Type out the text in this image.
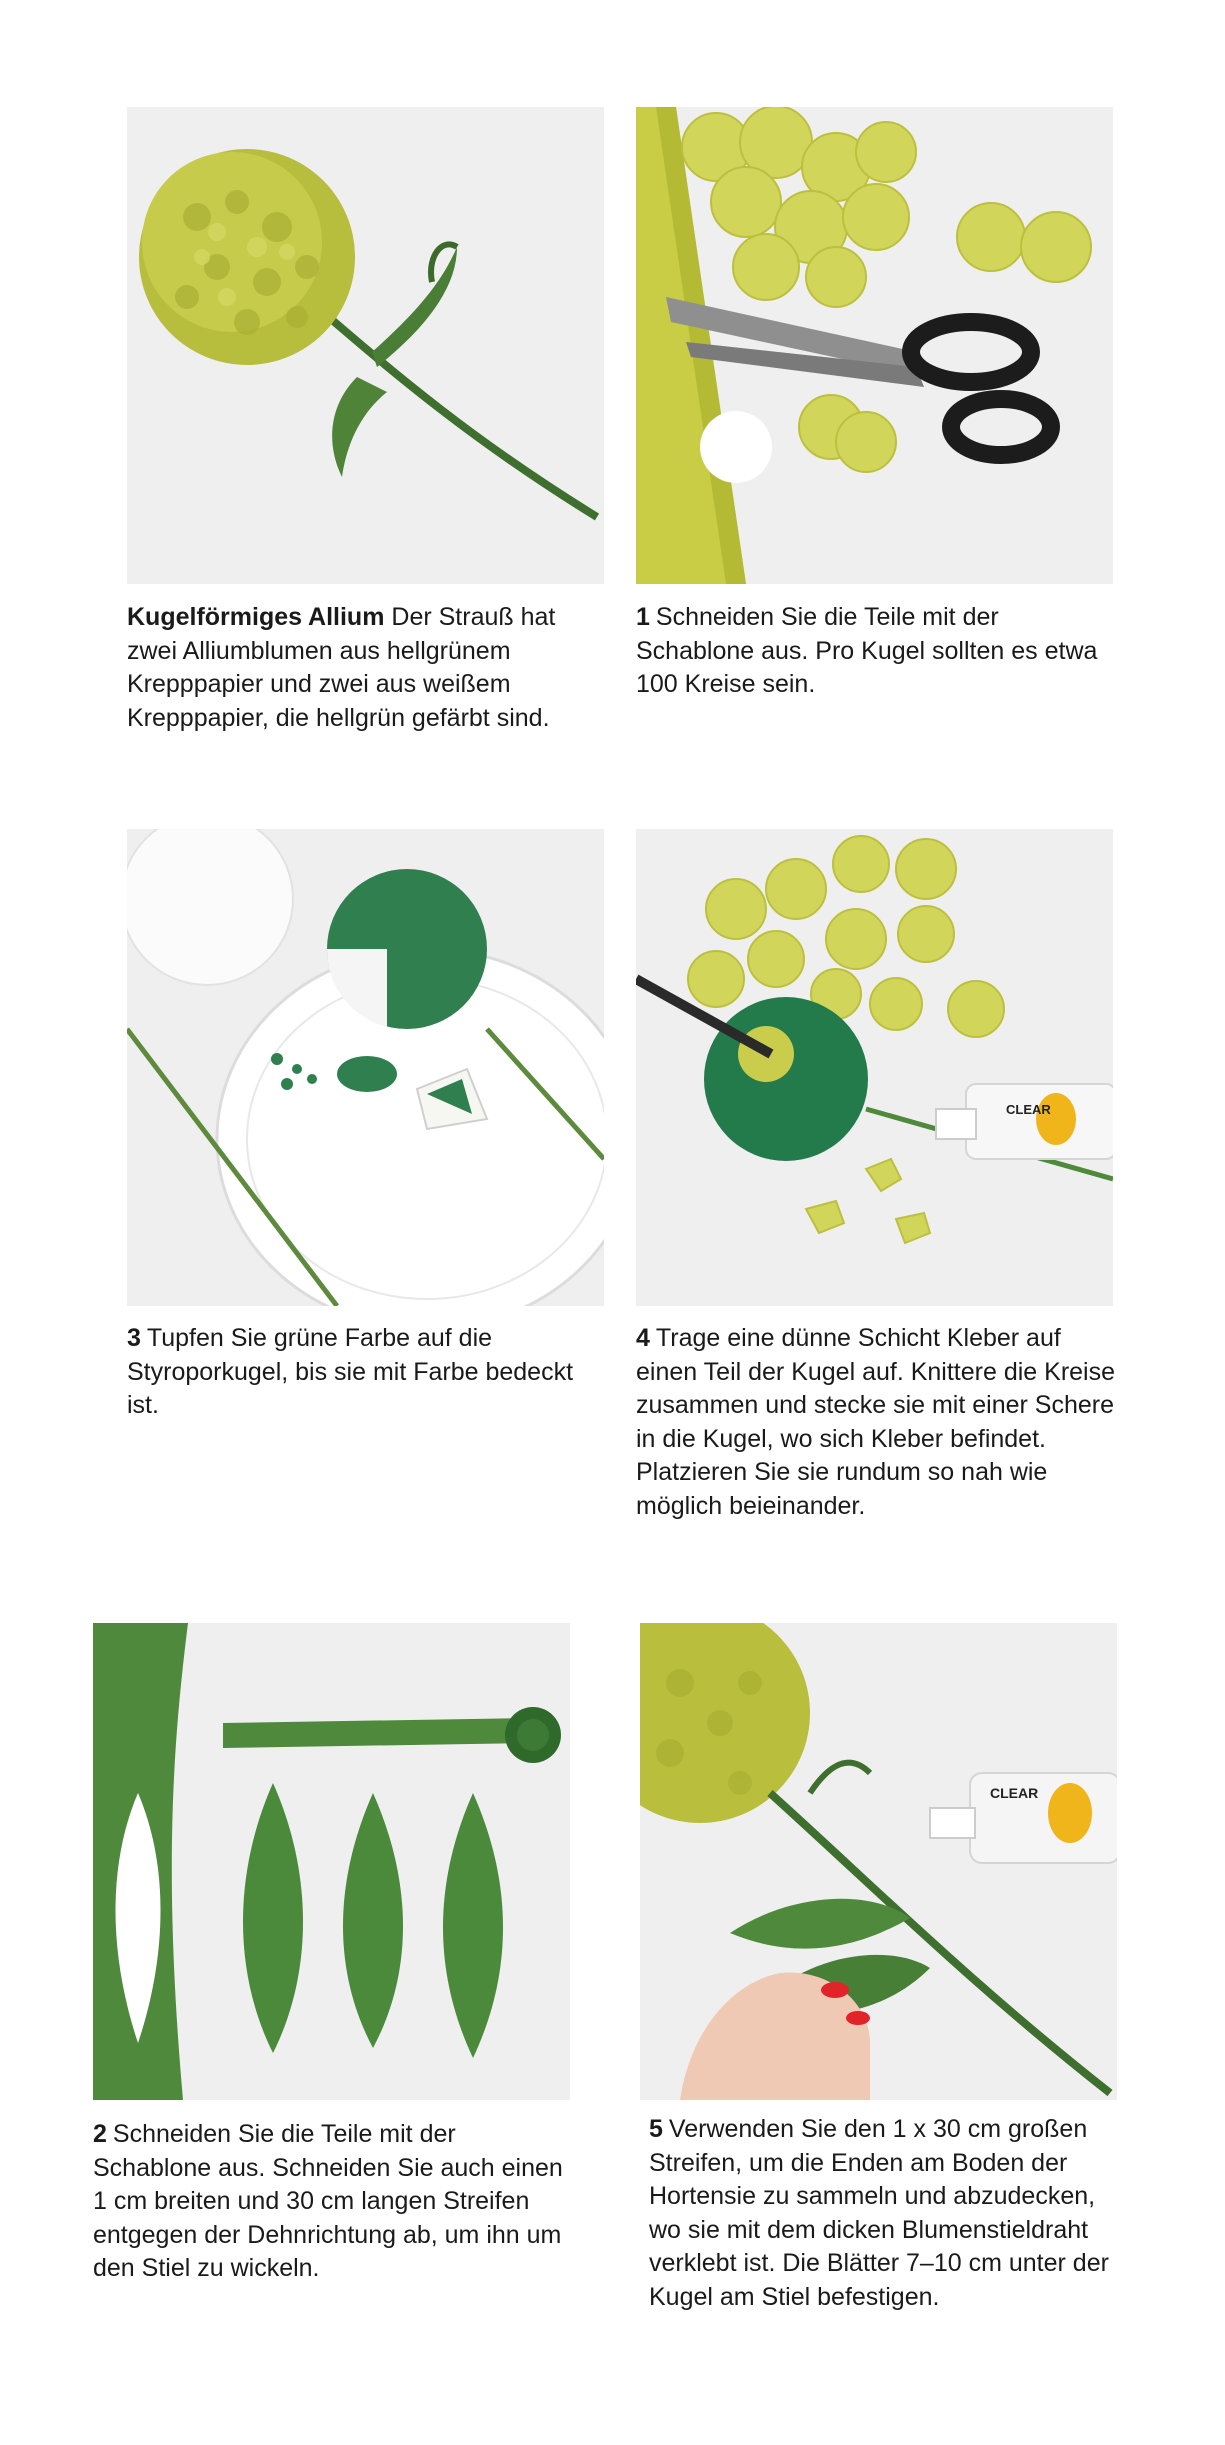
Kugelförmiges Allium Der Strauß hat zwei Alliumblumen aus hellgrünem Krepppapier und zwei aus weißem Krepppapier, die hellgrün gefärbt sind.

1 Schneiden Sie die Teile mit der Schablone aus. Pro Kugel sollten es etwa 100 Kreise sein.

CLEAR

3 Tupfen Sie grüne Farbe auf die Styroporkugel, bis sie mit Farbe bedeckt ist.

4 Trage eine dünne Schicht Kleber auf einen Teil der Kugel auf. Knittere die Kreise zusammen und stecke sie mit einer Schere in die Kugel, wo sich Kleber befindet. Platzieren Sie sie rundum so nah wie möglich beieinander.

CLEAR

2 Schneiden Sie die Teile mit der Schablone aus. Schneiden Sie auch einen 1 cm breiten und 30 cm langen Streifen entgegen der Dehnrichtung ab, um ihn um den Stiel zu wickeln.

5 Verwenden Sie den 1 x 30 cm großen Streifen, um die Enden am Boden der Hortensie zu sammeln und abzudecken, wo sie mit dem dicken Blumenstieldraht verklebt ist. Die Blätter 7–10 cm unter der Kugel am Stiel befestigen.
